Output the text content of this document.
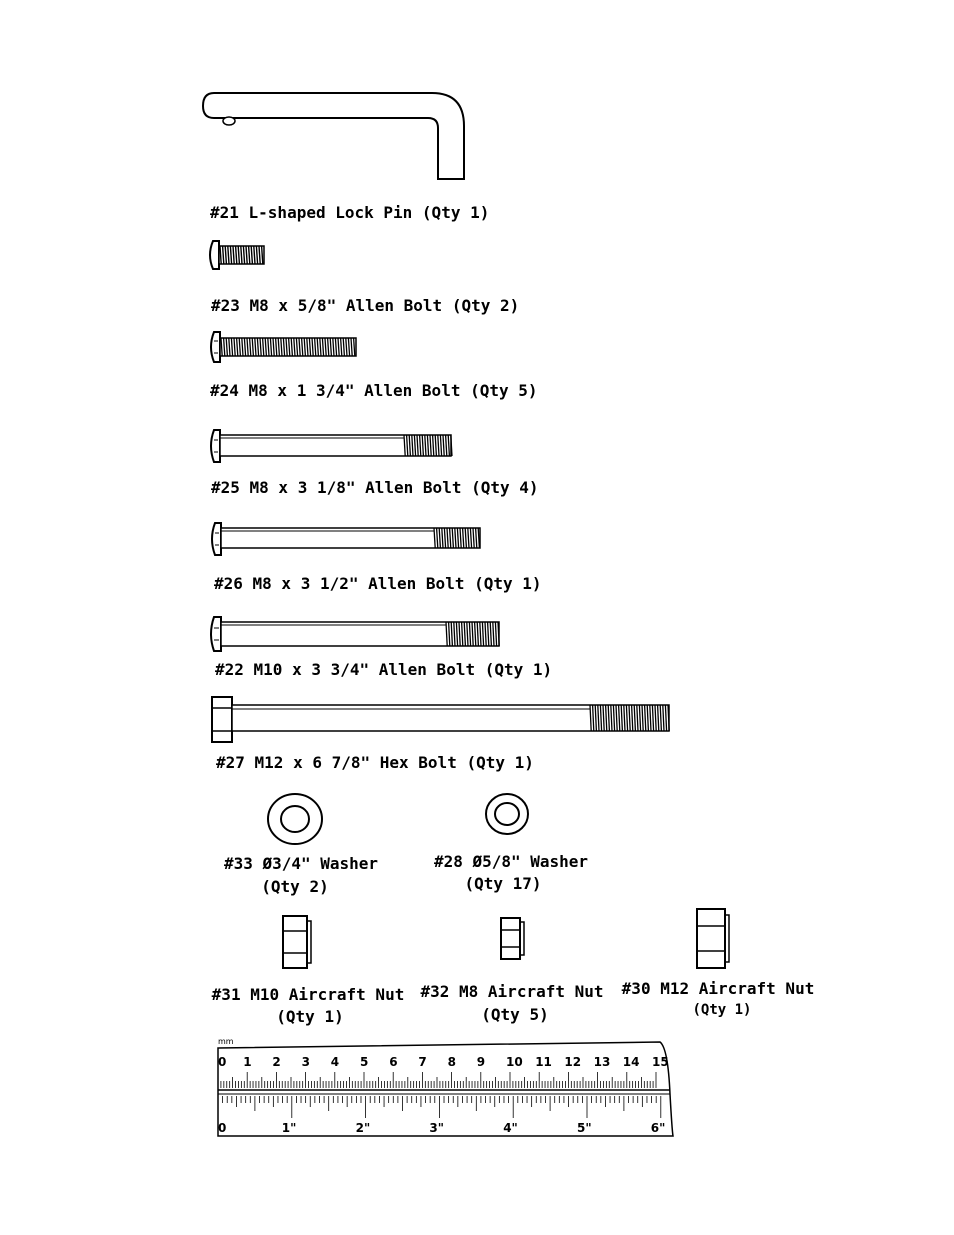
#21 L-shaped Lock Pin (Qty 1)
#23 M8 x 5/8" Allen Bolt (Qty 2)
#24 M8 x 1 3/4" Allen Bolt (Qty 5)
#25 M8 x 3 1/8" Allen Bolt (Qty 4)
#26 M8 x 3 1/2" Allen Bolt (Qty 1)
#22 M10 x 3 3/4" Allen Bolt (Qty 1)
#27 M12 x 6 7/8" Hex Bolt (Qty 1)
#33 Ø3/4" Washer
(Qty 2)
#28 Ø5/8" Washer
(Qty 17)
#31 M10 Aircraft Nut
(Qty 1)
#32 M8 Aircraft Nut
(Qty 5)
#30 M12 Aircraft Nut
(Qty 1)
mm
0 1 2 3 4 5 6 7 8 9 10 11 12 13 14 15
0	1"	2"	3"	4"	5"	6"
